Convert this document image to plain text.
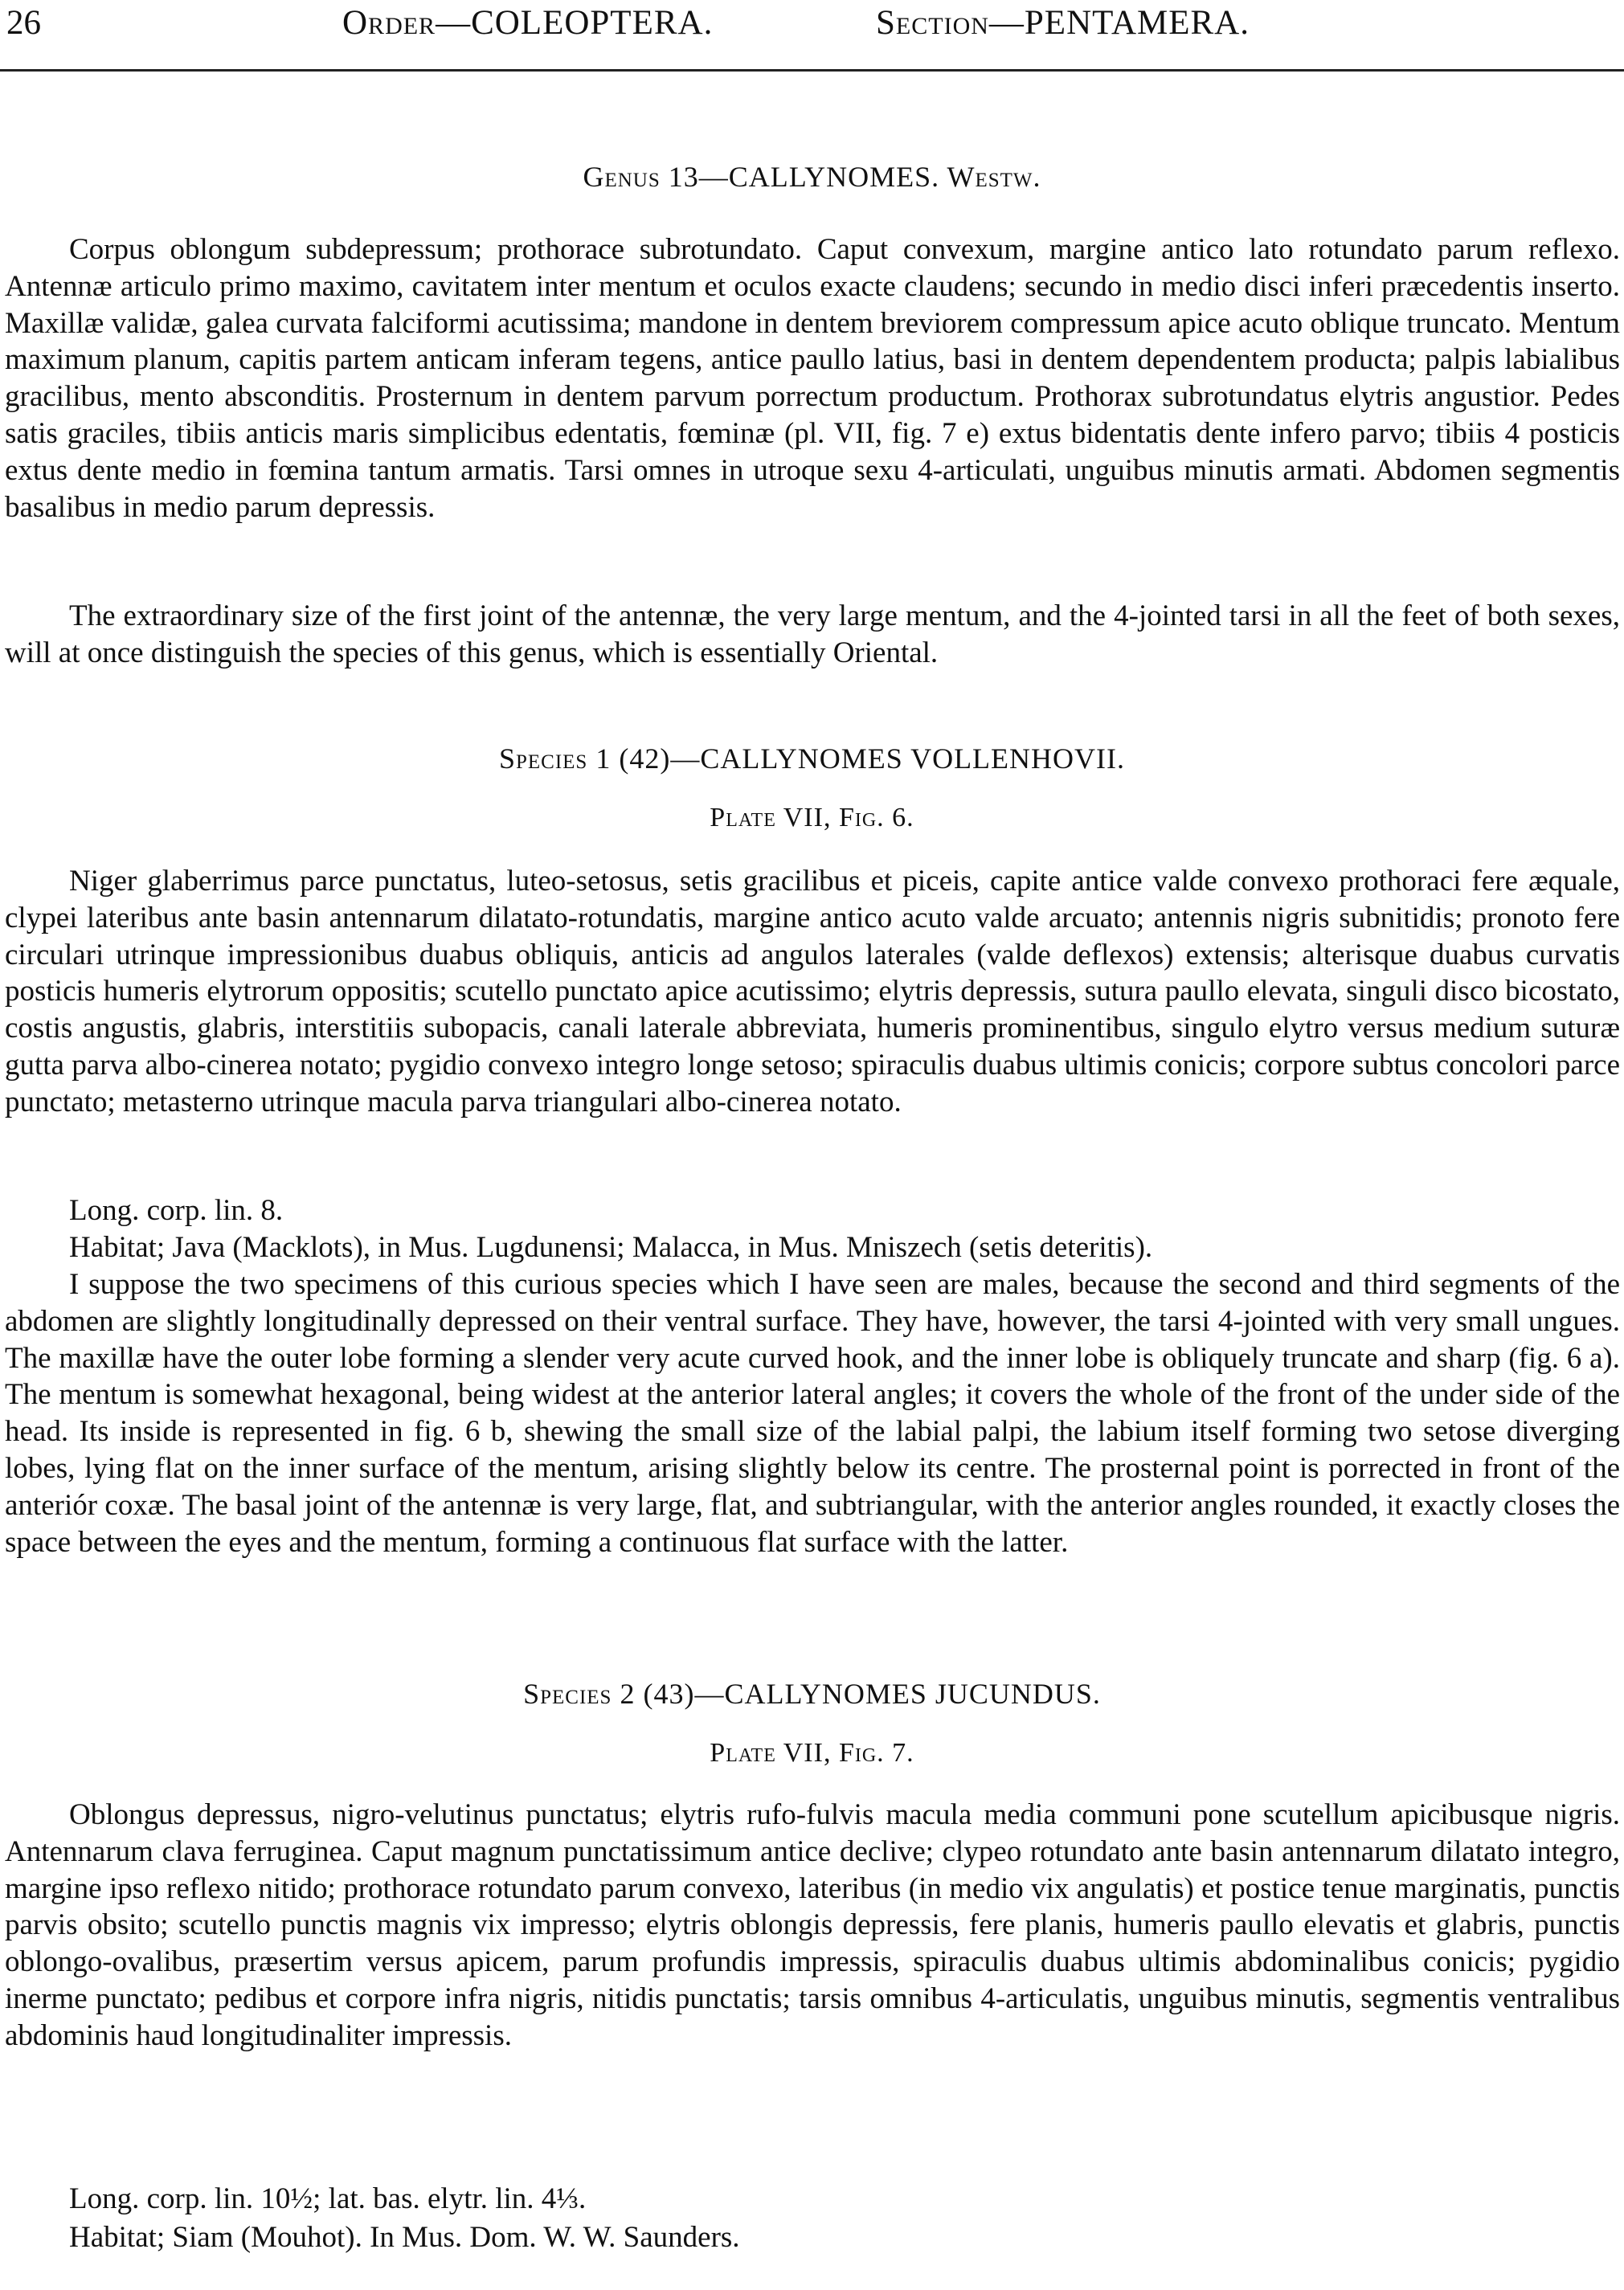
26	Order—COLEOPTERA.	Section—PENTAMERA.
Genus 13—CALLYNOMES. Westw.

Corpus oblongum subdepressum; prothorace subrotundato. Caput convexum, margine antico lato rotundato parum reflexo. Antennæ articulo primo maximo, cavitatem inter mentum et oculos exacte claudens; secundo in medio disci inferi præcedentis inserto. Maxillæ validæ, galea curvata falciformi acutissima; mandone in dentem breviorem compressum apice acuto oblique truncato. Mentum maximum planum, capitis partem anticam inferam tegens, antice paullo latius, basi in dentem dependentem producta; palpis labialibus gracilibus, mento absconditis. Prosternum in dentem parvum porrectum productum. Prothorax subrotundatus elytris angustior. Pedes satis graciles, tibiis anticis maris simplicibus edentatis, fœminæ (pl. VII, fig. 7 e) extus bidentatis dente infero parvo; tibiis 4 posticis extus dente medio in fœmina tantum armatis. Tarsi omnes in utroque sexu 4-articulati, unguibus minutis armati. Abdomen segmentis basalibus in medio parum depressis.

The extraordinary size of the first joint of the antennæ, the very large mentum, and the 4-jointed tarsi in all the feet of both sexes, will at once distinguish the species of this genus, which is essentially Oriental.

Species 1 (42)—CALLYNOMES VOLLENHOVII.
Plate VII, Fig. 6.

Niger glaberrimus parce punctatus, luteo-setosus, setis gracilibus et piceis, capite antice valde convexo prothoraci fere æquale, clypei lateribus ante basin antennarum dilatato-rotundatis, margine antico acuto valde arcuato; antennis nigris subnitidis; pronoto fere circulari utrinque impressionibus duabus obliquis, anticis ad angulos laterales (valde deflexos) extensis; alterisque duabus curvatis posticis humeris elytrorum oppositis; scutello punctato apice acutissimo; elytris depressis, sutura paullo elevata, singuli disco bicostato, costis angustis, glabris, interstitiis subopacis, canali laterale abbreviata, humeris prominentibus, singulo elytro versus medium suturæ gutta parva albo-cinerea notato; pygidio convexo integro longe setoso; spiraculis duabus ultimis conicis; corpore subtus concolori parce punctato; metasterno utrinque macula parva triangulari albo-cinerea notato.

Long. corp. lin. 8.

Habitat; Java (Macklots), in Mus. Lugdunensi; Malacca, in Mus. Mniszech (setis deteritis).

I suppose the two specimens of this curious species which I have seen are males, because the second and third segments of the abdomen are slightly longitudinally depressed on their ventral surface. They have, however, the tarsi 4-jointed with very small ungues. The maxillæ have the outer lobe forming a slender very acute curved hook, and the inner lobe is obliquely truncate and sharp (fig. 6 a). The mentum is somewhat hexagonal, being widest at the anterior lateral angles; it covers the whole of the front of the under side of the head. Its inside is represented in fig. 6 b, shewing the small size of the labial palpi, the labium itself forming two setose diverging lobes, lying flat on the inner surface of the mentum, arising slightly below its centre. The prosternal point is porrected in front of the anteriór coxæ. The basal joint of the antennæ is very large, flat, and subtriangular, with the anterior angles rounded, it exactly closes the space between the eyes and the mentum, forming a continuous flat surface with the latter.

Species 2 (43)—CALLYNOMES JUCUNDUS.
Plate VII, Fig. 7.

Oblongus depressus, nigro-velutinus punctatus; elytris rufo-fulvis macula media communi pone scutellum apicibusque nigris. Antennarum clava ferruginea. Caput magnum punctatissimum antice declive; clypeo rotundato ante basin antennarum dilatato integro, margine ipso reflexo nitido; prothorace rotundato parum convexo, lateribus (in medio vix angulatis) et postice tenue marginatis, punctis parvis obsito; scutello punctis magnis vix impresso; elytris oblongis depressis, fere planis, humeris paullo elevatis et glabris, punctis oblongo-ovalibus, præsertim versus apicem, parum profundis impressis, spiraculis duabus ultimis abdominalibus conicis; pygidio inerme punctato; pedibus et corpore infra nigris, nitidis punctatis; tarsis omnibus 4-articulatis, unguibus minutis, segmentis ventralibus abdominis haud longitudinaliter impressis.

Long. corp. lin. 10½; lat. bas. elytr. lin. 4⅓.

Habitat; Siam (Mouhot). In Mus. Dom. W. W. Saunders.
